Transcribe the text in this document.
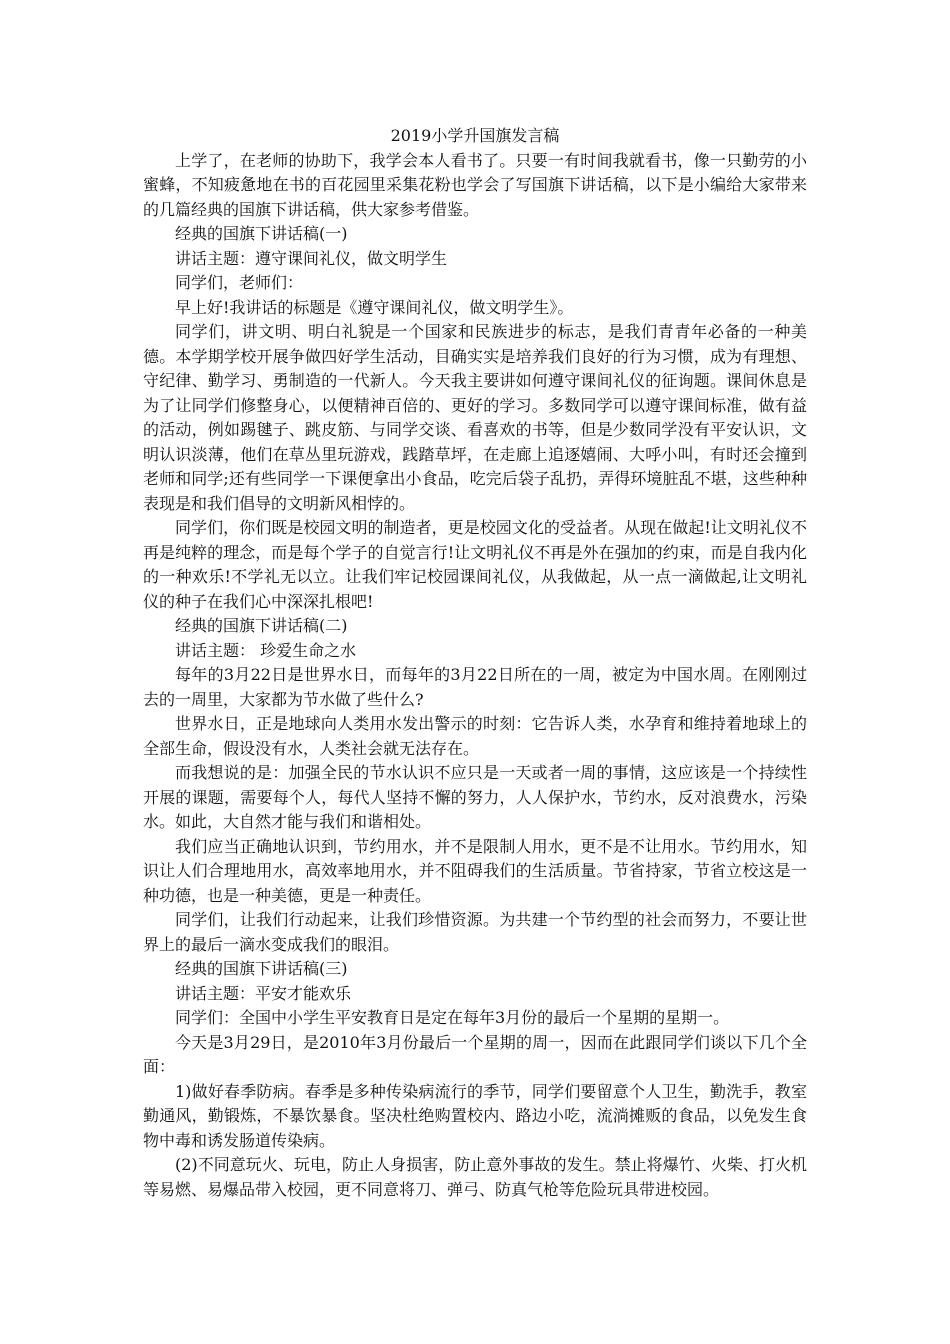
2019小学升国旗发言稿

上学了，在老师的协助下，我学会本人看书了。只要一有时间我就看书，像一只勤劳的小蜜蜂，不知疲惫地在书的百花园里采集花粉也学会了写国旗下讲话稿，以下是小编给大家带来的几篇经典的国旗下讲话稿，供大家参考借鉴。

经典的国旗下讲话稿(一)

讲话主题：遵守课间礼仪，做文明学生

同学们，老师们：

早上好!我讲话的标题是《遵守课间礼仪，做文明学生》。

同学们，讲文明、明白礼貌是一个国家和民族进步的标志，是我们青青年必备的一种美德。本学期学校开展争做四好学生活动，目确实实是培养我们良好的行为习惯，成为有理想、守纪律、勤学习、勇制造的一代新人。今天我主要讲如何遵守课间礼仪的征询题。课间休息是为了让同学们修整身心，以便精神百倍的、更好的学习。多数同学可以遵守课间标准，做有益的活动，例如踢毽子、跳皮筋、与同学交谈、看喜欢的书等，但是少数同学没有平安认识，文明认识淡薄，他们在草丛里玩游戏，践踏草坪，在走廊上追逐嬉闹、大呼小叫，有时还会撞到老师和同学;还有些同学一下课便拿出小食品，吃完后袋子乱扔，弄得环境脏乱不堪，这些种种表现是和我们倡导的文明新风相悖的。

同学们，你们既是校园文明的制造者，更是校园文化的受益者。从现在做起!让文明礼仪不再是纯粹的理念，而是每个学子的自觉言行!让文明礼仪不再是外在强加的约束，而是自我内化的一种欢乐!不学礼无以立。让我们牢记校园课间礼仪，从我做起，从一点一滴做起,让文明礼仪的种子在我们心中深深扎根吧!

经典的国旗下讲话稿(二)

讲话主题： 珍爱生命之水

每年的3月22日是世界水日，而每年的3月22日所在的一周，被定为中国水周。在刚刚过去的一周里，大家都为节水做了些什么?

世界水日，正是地球向人类用水发出警示的时刻：它告诉人类，水孕育和维持着地球上的全部生命，假设没有水，人类社会就无法存在。

而我想说的是：加强全民的节水认识不应只是一天或者一周的事情，这应该是一个持续性开展的课题，需要每个人，每代人坚持不懈的努力，人人保护水，节约水，反对浪费水，污染水。如此，大自然才能与我们和谐相处。

我们应当正确地认识到，节约用水，并不是限制人用水，更不是不让用水。节约用水，知识让人们合理地用水，高效率地用水，并不阻碍我们的生活质量。节省持家，节省立校这是一种功德，也是一种美德，更是一种责任。

同学们，让我们行动起来，让我们珍惜资源。为共建一个节约型的社会而努力，不要让世界上的最后一滴水变成我们的眼泪。

经典的国旗下讲话稿(三)

讲话主题：平安才能欢乐

同学们：全国中小学生平安教育日是定在每年3月份的最后一个星期的星期一。

今天是3月29日，是2010年3月份最后一个星期的周一，因而在此跟同学们谈以下几个全面：

1)做好春季防病。春季是多种传染病流行的季节，同学们要留意个人卫生，勤洗手，教室勤通风，勤锻炼，不暴饮暴食。坚决杜绝购置校内、路边小吃，流淌摊贩的食品，以免发生食物中毒和诱发肠道传染病。

(2)不同意玩火、玩电，防止人身损害，防止意外事故的发生。禁止将爆竹、火柴、打火机等易燃、易爆品带入校园，更不同意将刀、弹弓、防真气枪等危险玩具带进校园。
